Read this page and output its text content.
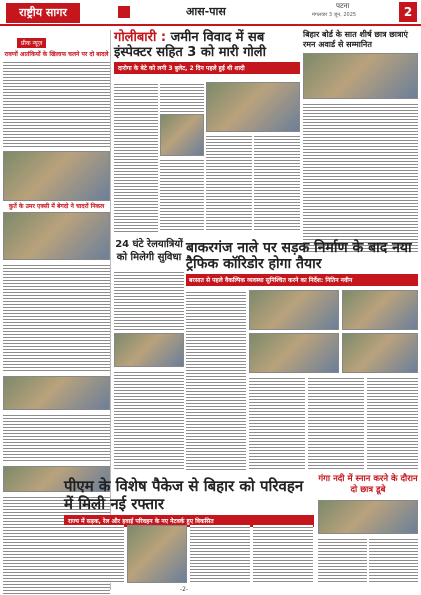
राष्ट्रीय सागर	आस-पास	पटना
मंगलवार 3 जून, 2025	2
प्रीक न्यूज़
रावणों आतंकियों के खिलाफ चलने पर दो बादले
कुर्ते के उमर एक्सी में बेगदो ने चादरों निकल
गोलीबारी : जमीन विवाद में सब
इंस्पेक्टर सहित 3 को मारी गोली
दारोगा के बेटे को लगी 3 बुलेट, 2 दिन पहले हुई थी शादी
बिहार बोर्ड के सात शीर्ष छात्र छात्राएं रमन अवार्ड से सम्मानित
24 घंटे रेलयात्रियों को मिलेगी सुविधा
बाकरगंज नाले पर सड़क निर्माण के बाद नया ट्रैफिक कॉरिडोर होगा तैयार
बरसात से पहले वैकल्पिक व्यवस्था सुनिश्चित करने का निर्देश: नितिन नवीन
पीएम के विशेष पैकेज से बिहार को परिवहन में मिली नई रफ्तार
राज्य में सड़क, रेल और हवाई परिवहन के नए नेटवर्क हुए विकसित
गंगा नदी में स्नान करने के दौरान दो छात्र डूबे
-2-
